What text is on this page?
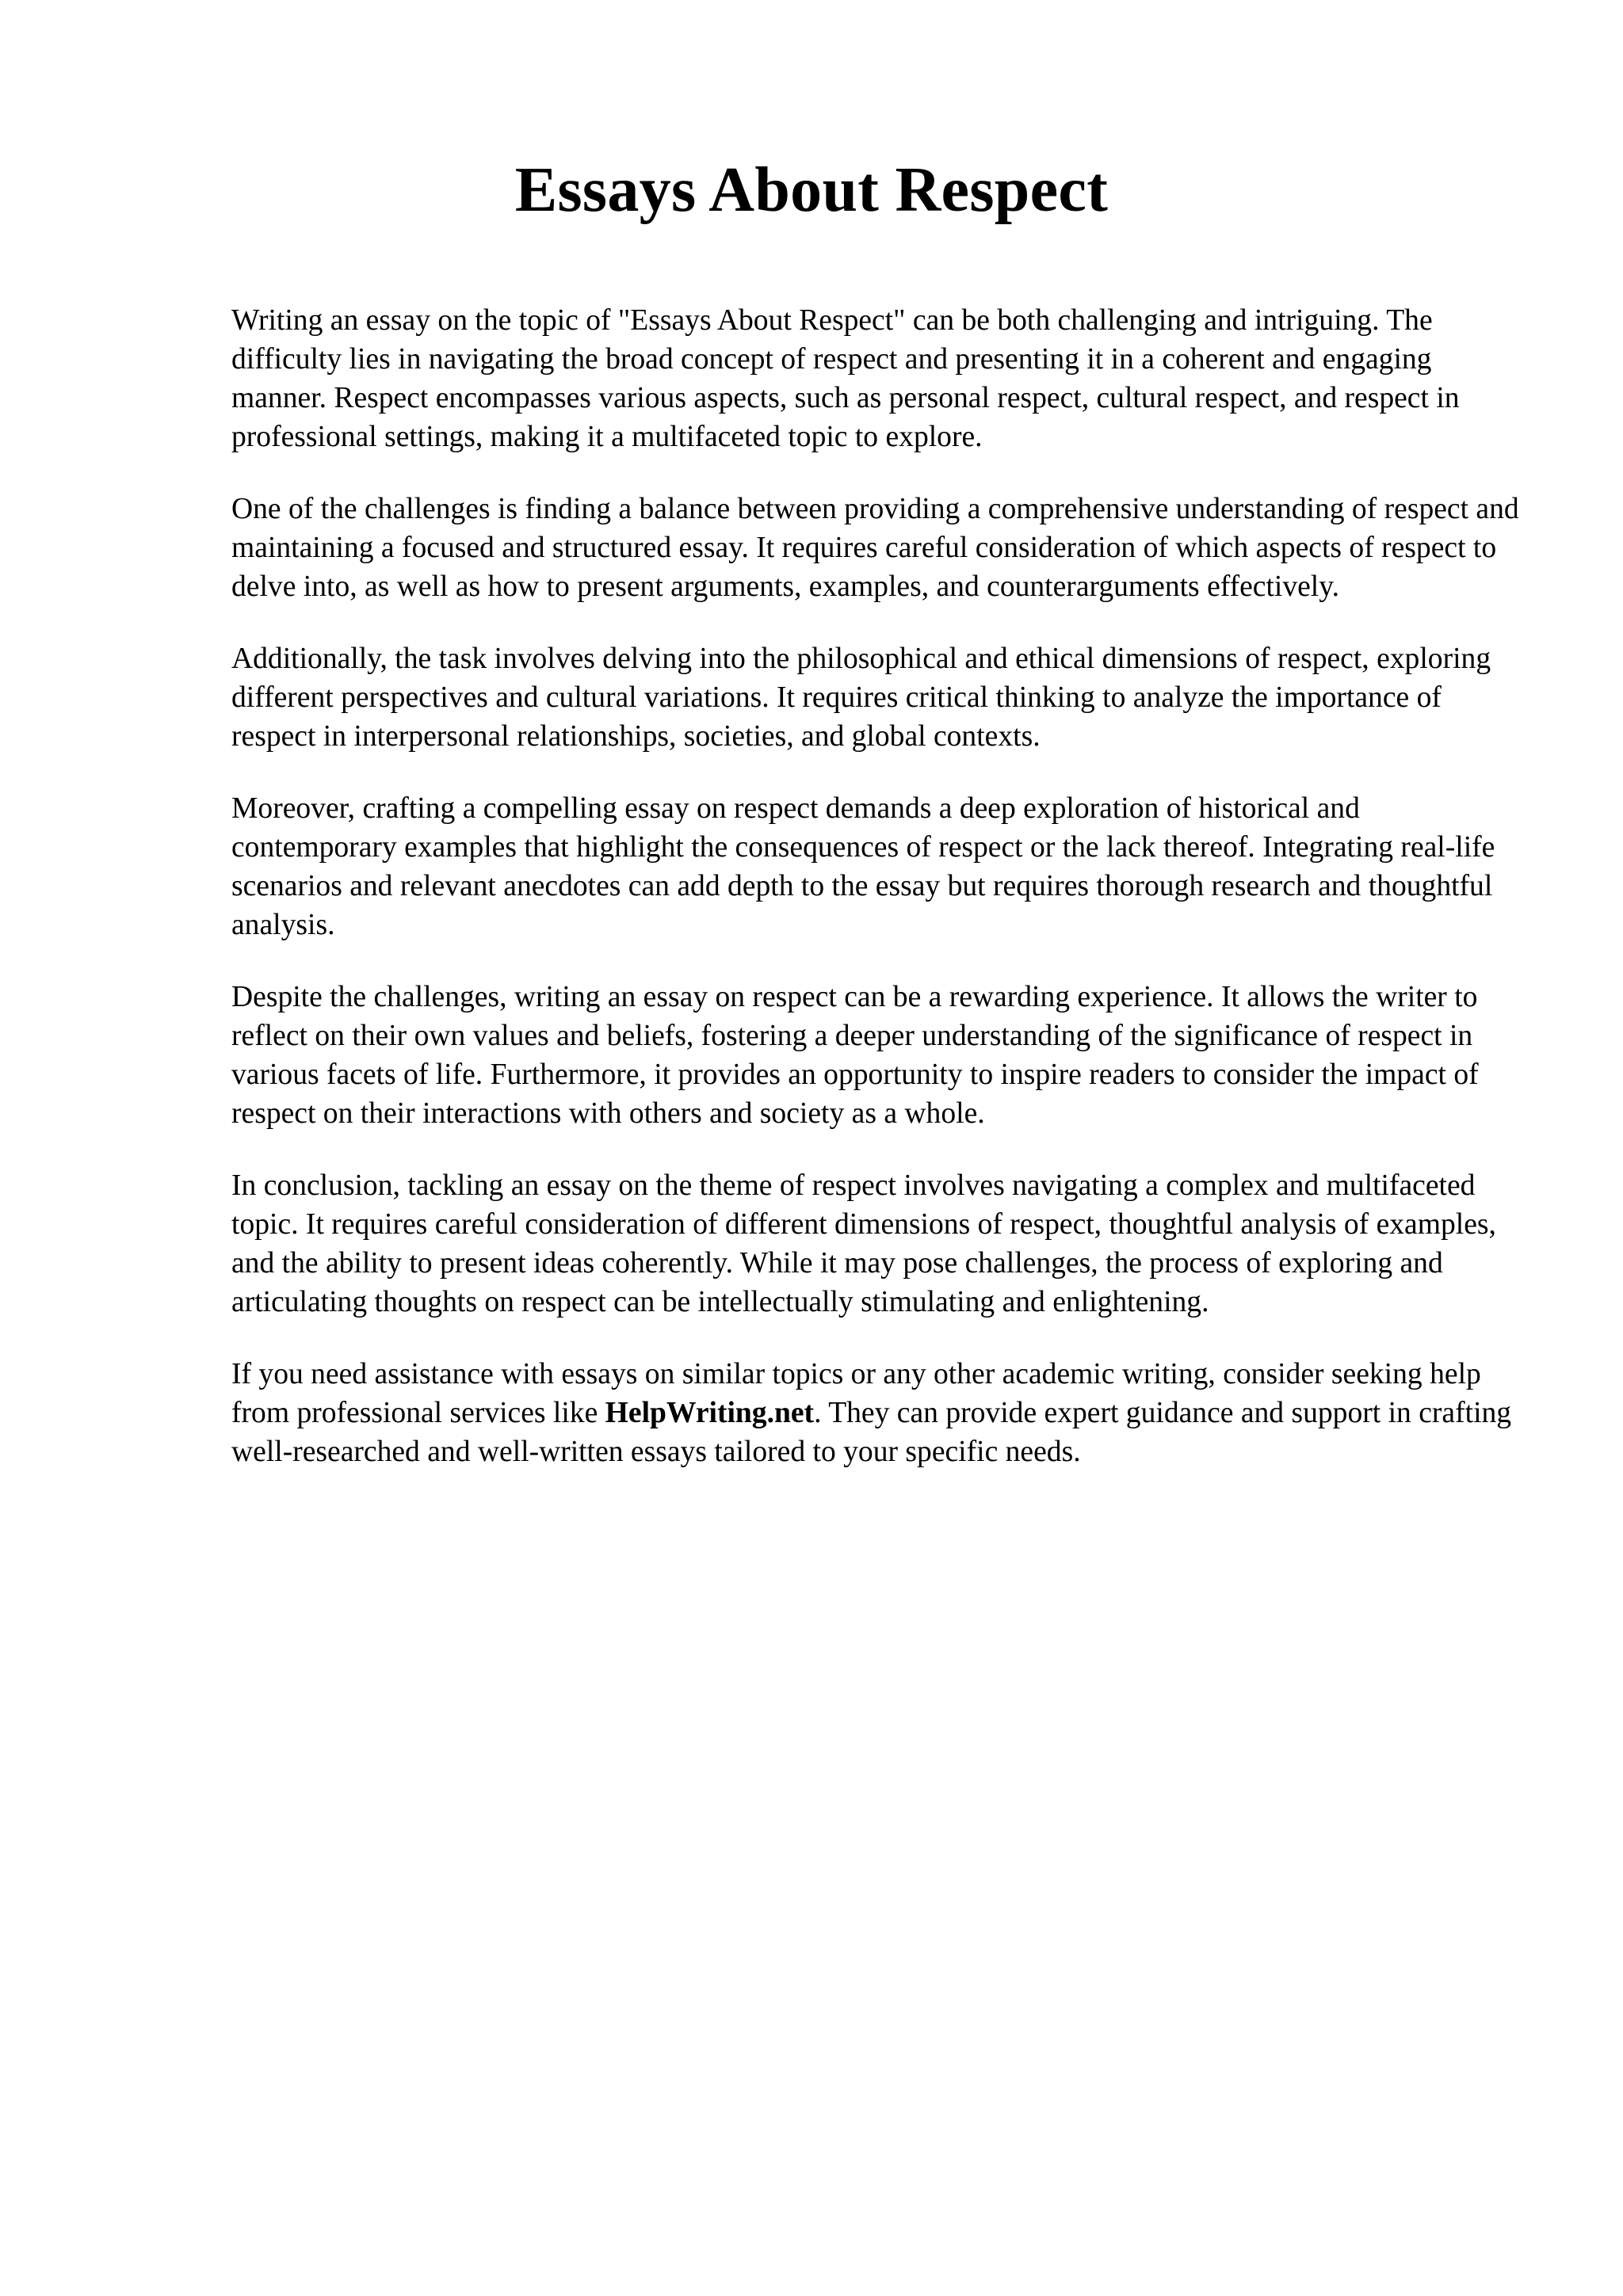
Essays About Respect

Writing an essay on the topic of "Essays About Respect" can be both challenging and intriguing. The difficulty lies in navigating the broad concept of respect and presenting it in a coherent and engaging manner. Respect encompasses various aspects, such as personal respect, cultural respect, and respect in professional settings, making it a multifaceted topic to explore.

One of the challenges is finding a balance between providing a comprehensive understanding of respect and maintaining a focused and structured essay. It requires careful consideration of which aspects of respect to delve into, as well as how to present arguments, examples, and counterarguments effectively.

Additionally, the task involves delving into the philosophical and ethical dimensions of respect, exploring different perspectives and cultural variations. It requires critical thinking to analyze the importance of respect in interpersonal relationships, societies, and global contexts.

Moreover, crafting a compelling essay on respect demands a deep exploration of historical and contemporary examples that highlight the consequences of respect or the lack thereof. Integrating real-life scenarios and relevant anecdotes can add depth to the essay but requires thorough research and thoughtful analysis.

Despite the challenges, writing an essay on respect can be a rewarding experience. It allows the writer to reflect on their own values and beliefs, fostering a deeper understanding of the significance of respect in various facets of life. Furthermore, it provides an opportunity to inspire readers to consider the impact of respect on their interactions with others and society as a whole.

In conclusion, tackling an essay on the theme of respect involves navigating a complex and multifaceted topic. It requires careful consideration of different dimensions of respect, thoughtful analysis of examples, and the ability to present ideas coherently. While it may pose challenges, the process of exploring and articulating thoughts on respect can be intellectually stimulating and enlightening.

If you need assistance with essays on similar topics or any other academic writing, consider seeking help from professional services like HelpWriting.net. They can provide expert guidance and support in crafting well-researched and well-written essays tailored to your specific needs.
